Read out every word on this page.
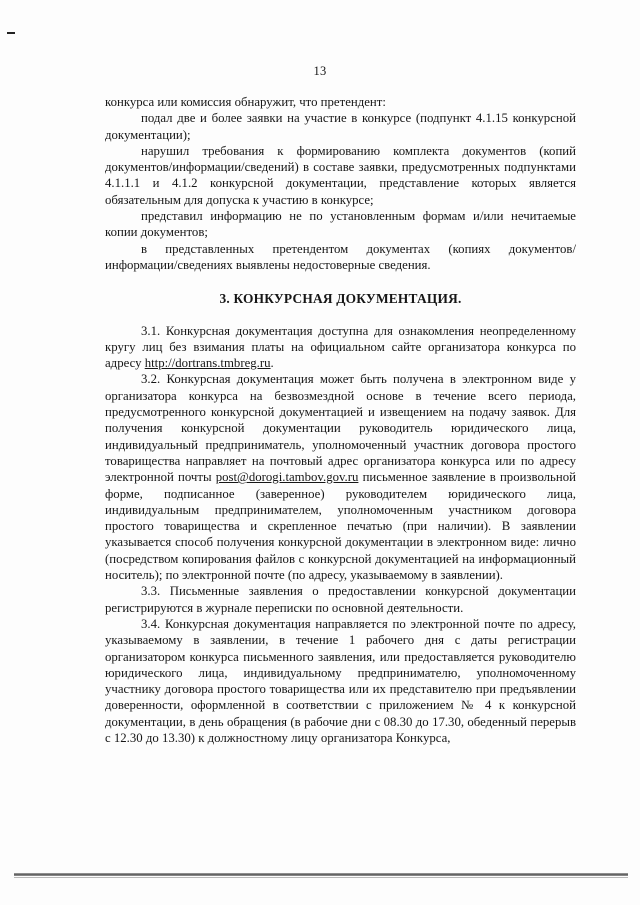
13

конкурса или комиссия обнаружит, что претендент:

подал две и более заявки на участие в конкурсе (подпункт 4.1.15 конкурсной документации);

нарушил требования к формированию комплекта документов (копий документов/информации/сведений) в составе заявки, предусмотренных подпунктами 4.1.1.1 и 4.1.2 конкурсной документации, представление которых является обязательным для допуска к участию в конкурсе;

представил информацию не по установленным формам и/или нечитаемые копии документов;

в представленных претендентом документах (копиях документов/ информации/сведениях выявлены недостоверные сведения.

3. КОНКУРСНАЯ ДОКУМЕНТАЦИЯ.

3.1. Конкурсная документация доступна для ознакомления неопределенному кругу лиц без взимания платы на официальном сайте организатора конкурса по адресу http://dortrans.tmbreg.ru.

3.2. Конкурсная документация может быть получена в электронном виде у организатора конкурса на безвозмездной основе в течение всего периода, предусмотренного конкурсной документацией и извещением на подачу заявок. Для получения конкурсной документации руководитель юридического лица, индивидуальный предприниматель, уполномоченный участник договора простого товарищества направляет на почтовый адрес организатора конкурса или по адресу электронной почты post@dorogi.tambov.gov.ru письменное заявление в произвольной форме, подписанное (заверенное) руководителем юридического лица, индивидуальным предпринимателем, уполномоченным участником договора простого товарищества и скрепленное печатью (при наличии). В заявлении указывается способ получения конкурсной документации в электронном виде: лично (посредством копирования файлов с конкурсной документацией на информационный носитель); по электронной почте (по адресу, указываемому в заявлении).

3.3. Письменные заявления о предоставлении конкурсной документации регистрируются в журнале переписки по основной деятельности.

3.4. Конкурсная документация направляется по электронной почте по адресу, указываемому в заявлении, в течение 1 рабочего дня с даты регистрации организатором конкурса письменного заявления, или предоставляется руководителю юридического лица, индивидуальному предпринимателю, уполномоченному участнику договора простого товарищества или их представителю при предъявлении доверенности, оформленной в соответствии с приложением № 4 к конкурсной документации, в день обращения (в рабочие дни с 08.30 до 17.30, обеденный перерыв с 12.30 до 13.30) к должностному лицу организатора Конкурса,
